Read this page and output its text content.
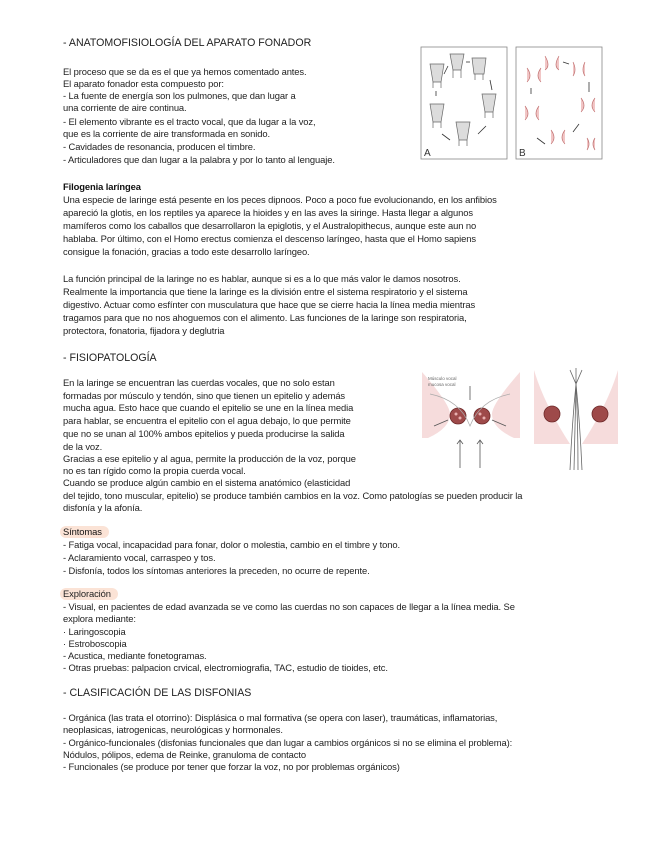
- ANATOMOFISIOLOGÍA DEL APARATO FONADOR
El proceso que se da es el que ya hemos comentado antes.
El aparato fonador esta compuesto por:
- La fuente de energía son los pulmones, que dan lugar a
una corriente de aire continua.
- El elemento vibrante es el tracto vocal, que da lugar a la voz,
que es la corriente de aire transformada en sonido.
- Cavidades de resonancia, producen el timbre.
- Articuladores que dan lugar a la palabra y por lo tanto al lenguaje.
A	B
Filogenia laríngea
Una especie de laringe está pesente en los peces dipnoos. Poco a poco fue evolucionando, en los anfibios
apareció la glotis, en los reptiles ya aparece la hioides y en las aves la siringe. Hasta llegar a algunos
mamíferos como los caballos que desarrollaron la epiglotis, y el Australopithecus, aunque este aun no
hablaba. Por último, con el Homo erectus comienza el descenso laríngeo, hasta que el Homo sapiens
consigue la fonación, gracias a todo este desarrollo laríngeo.
La función principal de la laringe no es hablar, aunque si es a lo que más valor le damos nosotros.
Realmente la importancia que tiene la laringe es la división entre el sistema respiratorio y el sistema
digestivo. Actuar como esfínter con musculatura que hace que se cierre hacia la línea media mientras
tragamos para que no nos ahoguemos con el alimento. Las funciones de la laringe son respiratoria,
protectora, fonatoria, fijadora y deglutria
- FISIOPATOLOGÍA
En la laringe se encuentran las cuerdas vocales, que no solo estan
formadas por músculo y tendón, sino que tienen un epitelio y además
mucha agua. Esto hace que cuando el epitelio se une en la línea media
para hablar, se encuentra el epitelio con el agua debajo, lo que permite
que no se unan al 100% ambos epitelios y pueda producirse la salida
de la voz.
Gracias a ese epitelio y al agua, permite la producción de la voz, porque
no es tan rígido como la propia cuerda vocal.
Cuando se produce algún cambio en el sistema anatómico (elasticidad
del tejido, tono muscular, epitelio) se produce también cambios en la voz. Como patologías se pueden producir la
disfonía y la afonía.
Músculo vocal
mucosa vocal
Síntomas
- Fatiga vocal, incapacidad para fonar, dolor o molestia, cambio en el timbre y tono.
- Aclaramiento vocal, carraspeo y tos.
- Disfonía, todos los síntomas anteriores la preceden, no ocurre de repente.
Exploración
- Visual, en pacientes de edad avanzada se ve como las cuerdas no son capaces de llegar a la línea media. Se
explora mediante:
· Laringoscopia
· Estroboscopia
- Acustica, mediante fonetogramas.
- Otras pruebas: palpacion crvical, electromiografia, TAC, estudio de tioides, etc.
- CLASIFICACIÓN DE LAS DISFONIAS
- Orgánica (las trata el otorrino): Displásica o mal formativa (se opera con laser), traumáticas, inflamatorias,
neoplasicas, iatrogenicas, neurológicas y hormonales.
- Orgánico-funcionales (disfonias funcionales que dan lugar a cambios orgánicos si no se elimina el problema):
Nódulos, pólipos, edema de Reinke, granuloma de contacto
- Funcionales (se produce por tener que forzar la voz, no por problemas orgánicos)
